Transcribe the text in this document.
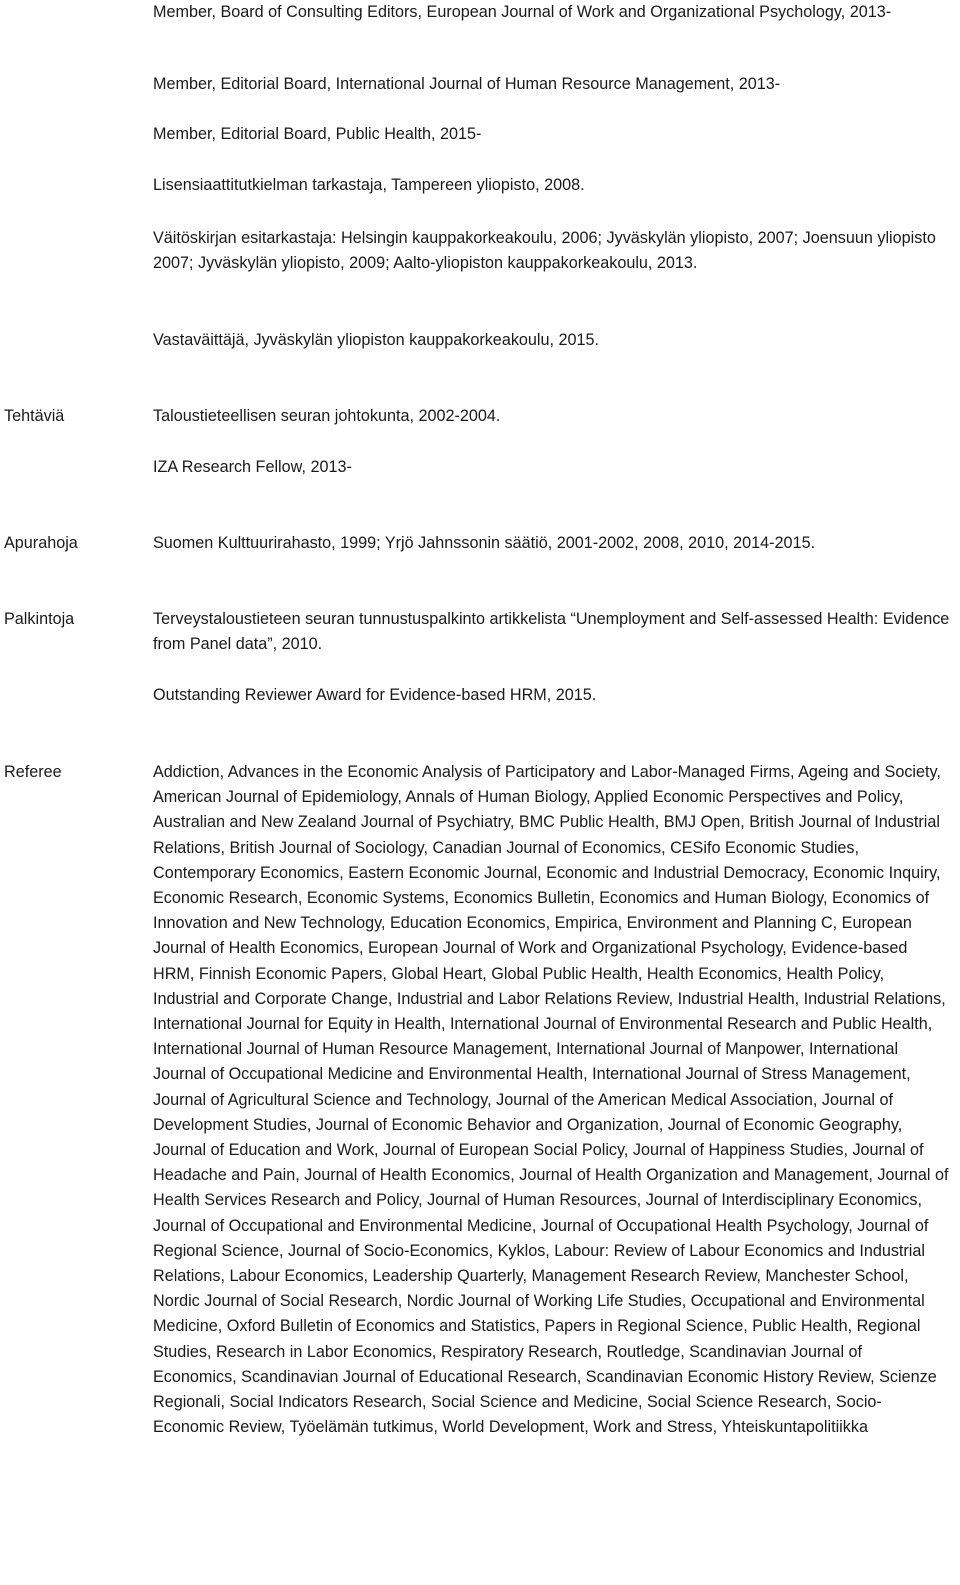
Member, Board of Consulting Editors, European Journal of Work and Organizational Psychology, 2013-
Member, Editorial Board, International Journal of Human Resource Management, 2013-
Member, Editorial Board, Public Health, 2015-
Lisensiaattitutkielman tarkastaja, Tampereen yliopisto, 2008.
Väitöskirjan esitarkastaja: Helsingin kauppakorkeakoulu, 2006; Jyväskylän yliopisto, 2007; Joensuun yliopisto 2007; Jyväskylän yliopisto, 2009; Aalto-yliopiston kauppakorkeakoulu, 2013.
Vastaväittäjä, Jyväskylän yliopiston kauppakorkeakoulu, 2015.
Tehtäviä	Taloustieteellisen seuran johtokunta, 2002-2004.
IZA Research Fellow, 2013-
Apurahoja	Suomen Kulttuurirahasto, 1999; Yrjö Jahnssonin säätiö, 2001-2002, 2008, 2010, 2014-2015.
Palkintoja	Terveystaloustieteen seuran tunnustuspalkinto artikkelista “Unemployment and Self-assessed Health: Evidence from Panel data”, 2010.
Outstanding Reviewer Award for Evidence-based HRM, 2015.
Referee	Addiction, Advances in the Economic Analysis of Participatory and Labor-Managed Firms, Ageing and Society, American Journal of Epidemiology, Annals of Human Biology, Applied Economic Perspectives and Policy, Australian and New Zealand Journal of Psychiatry, BMC Public Health, BMJ Open, British Journal of Industrial Relations, British Journal of Sociology, Canadian Journal of Economics, CESifo Economic Studies, Contemporary Economics, Eastern Economic Journal, Economic and Industrial Democracy, Economic Inquiry, Economic Research, Economic Systems, Economics Bulletin, Economics and Human Biology, Economics of Innovation and New Technology, Education Economics, Empirica, Environment and Planning C, European Journal of Health Economics, European Journal of Work and Organizational Psychology, Evidence-based HRM, Finnish Economic Papers, Global Heart, Global Public Health, Health Economics, Health Policy, Industrial and Corporate Change, Industrial and Labor Relations Review, Industrial Health, Industrial Relations, International Journal for Equity in Health, International Journal of Environmental Research and Public Health, International Journal of Human Resource Management, International Journal of Manpower, International Journal of Occupational Medicine and Environmental Health, International Journal of Stress Management, Journal of Agricultural Science and Technology, Journal of the American Medical Association, Journal of Development Studies, Journal of Economic Behavior and Organization, Journal of Economic Geography, Journal of Education and Work, Journal of European Social Policy, Journal of Happiness Studies, Journal of Headache and Pain, Journal of Health Economics, Journal of Health Organization and Management, Journal of Health Services Research and Policy, Journal of Human Resources, Journal of Interdisciplinary Economics, Journal of Occupational and Environmental Medicine, Journal of Occupational Health Psychology, Journal of Regional Science, Journal of Socio-Economics, Kyklos, Labour: Review of Labour Economics and Industrial Relations, Labour Economics, Leadership Quarterly, Management Research Review, Manchester School, Nordic Journal of Social Research, Nordic Journal of Working Life Studies, Occupational and Environmental Medicine, Oxford Bulletin of Economics and Statistics, Papers in Regional Science, Public Health, Regional Studies, Research in Labor Economics, Respiratory Research, Routledge, Scandinavian Journal of Economics, Scandinavian Journal of Educational Research, Scandinavian Economic History Review, Scienze Regionali, Social Indicators Research, Social Science and Medicine, Social Science Research, Socio-Economic Review, Työelämän tutkimus, World Development, Work and Stress, Yhteiskuntapolitiikka
